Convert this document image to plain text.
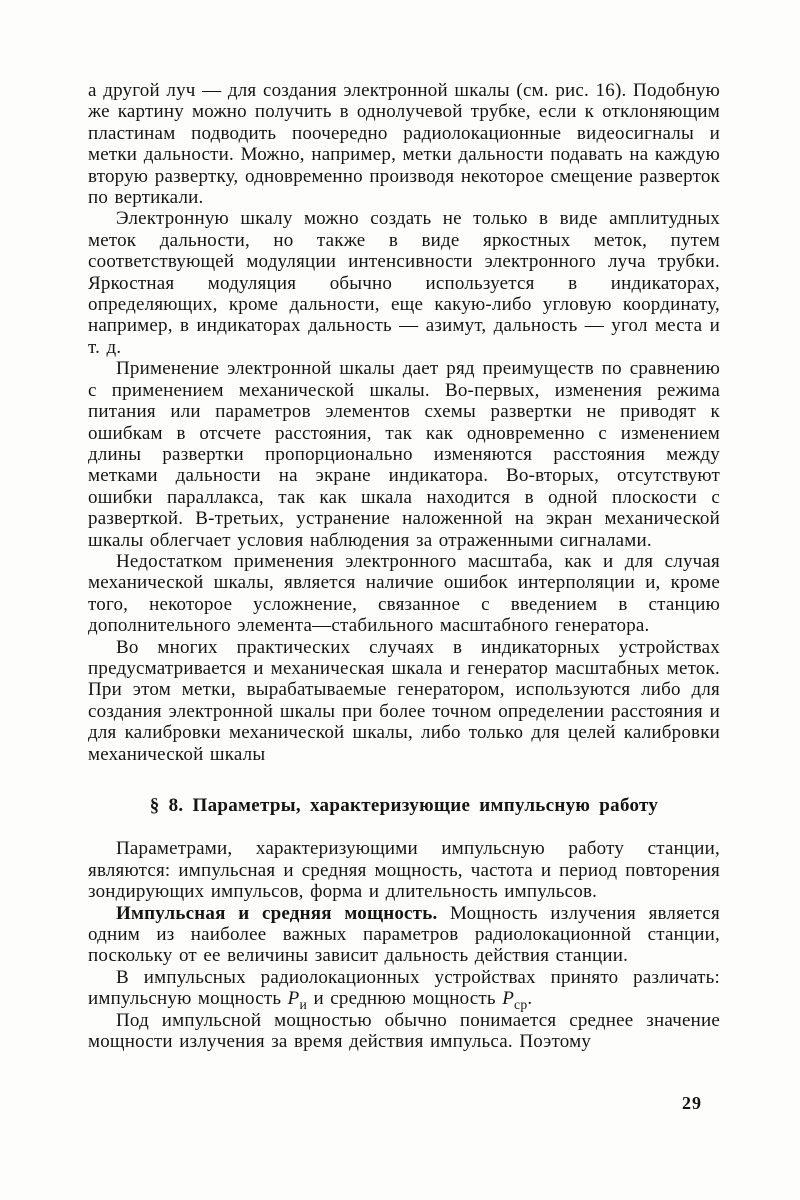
а другой луч — для создания электронной шкалы (см. рис. 16). Подобную же картину можно получить в однолучевой трубке, если к отклоняющим пластинам подводить поочередно радиолокационные видеосигналы и метки дальности. Можно, например, метки дальности подавать на каждую вторую развертку, одновременно производя некоторое смещение разверток по вертикали.

Электронную шкалу можно создать не только в виде амплитудных меток дальности, но также в виде яркостных меток, путем соответствующей модуляции интенсивности электронного луча трубки. Яркостная модуляция обычно используется в индикаторах, определяющих, кроме дальности, еще какую-либо угловую координату, например, в индикаторах дальность — азимут, дальность — угол места и т. д.

Применение электронной шкалы дает ряд преимуществ по сравнению с применением механической шкалы. Во-первых, изменения режима питания или параметров элементов схемы развертки не приводят к ошибкам в отсчете расстояния, так как одновременно с изменением длины развертки пропорционально изменяются расстояния между метками дальности на экране индикатора. Во-вторых, отсутствуют ошибки параллакса, так как шкала находится в одной плоскости с разверткой. В-третьих, устранение наложенной на экран механической шкалы облегчает условия наблюдения за отраженными сигналами.

Недостатком применения электронного масштаба, как и для случая механической шкалы, является наличие ошибок интерполяции и, кроме того, некоторое усложнение, связанное с введением в станцию дополнительного элемента—стабильного масштабного генератора.

Во многих практических случаях в индикаторных устройствах предусматривается и механическая шкала и генератор масштабных меток. При этом метки, вырабатываемые генератором, используются либо для создания электронной шкалы при более точном определении расстояния и для калибровки механической шкалы, либо только для целей калибровки механической шкалы

§ 8. Параметры, характеризующие импульсную работу

Параметрами, характеризующими импульсную работу станции, являются: импульсная и средняя мощность, частота и период повторения зондирующих импульсов, форма и длительность импульсов.

Импульсная и средняя мощность. Мощность излучения является одним из наиболее важных параметров радиолокационной станции, поскольку от ее величины зависит дальность действия станции.

В импульсных радиолокационных устройствах принято различать: импульсную мощность $P_и$ и среднюю мощность $P_{ср}$.

Под импульсной мощностью обычно понимается среднее значение мощности излучения за время действия импульса. Поэтому

29
